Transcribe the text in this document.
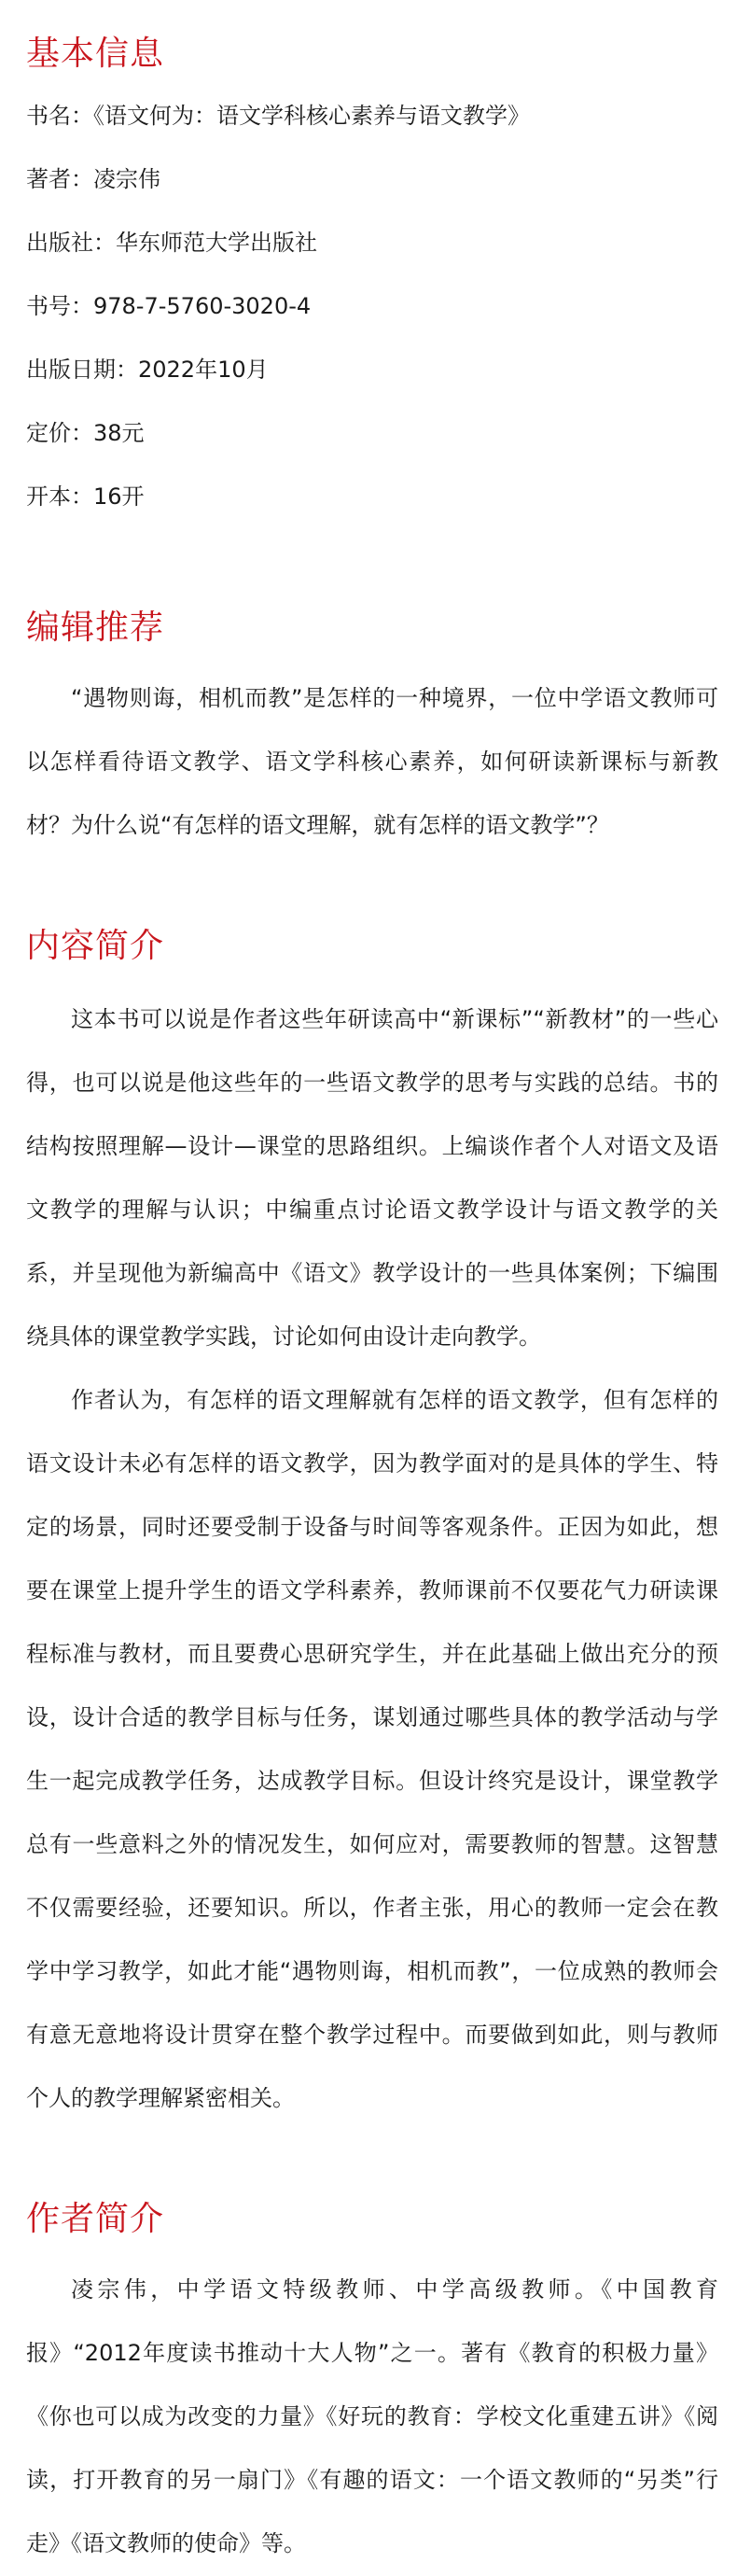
基本信息
书名：《语文何为：语文学科核心素养与语文教学》
著者：凌宗伟
出版社：华东师范大学出版社
书号：978-7-5760-3020-4
出版日期：2022年10月
定价：38元
开本：16开
编辑推荐

“遇物则诲，相机而教”是怎样的一种境界，一位中学语文教师可以怎样看待语文教学、语文学科核心素养，如何研读新课标与新教材？为什么说“有怎样的语文理解，就有怎样的语文教学”？

内容简介

这本书可以说是作者这些年研读高中“新课标”“新教材”的一些心得，也可以说是他这些年的一些语文教学的思考与实践的总结。书的结构按照理解—设计—课堂的思路组织。上编谈作者个人对语文及语文教学的理解与认识；中编重点讨论语文教学设计与语文教学的关系，并呈现他为新编高中《语文》教学设计的一些具体案例；下编围绕具体的课堂教学实践，讨论如何由设计走向教学。

作者认为，有怎样的语文理解就有怎样的语文教学，但有怎样的语文设计未必有怎样的语文教学，因为教学面对的是具体的学生、特定的场景，同时还要受制于设备与时间等客观条件。正因为如此，想要在课堂上提升学生的语文学科素养，教师课前不仅要花气力研读课程标准与教材，而且要费心思研究学生，并在此基础上做出充分的预设，设计合适的教学目标与任务，谋划通过哪些具体的教学活动与学生一起完成教学任务，达成教学目标。但设计终究是设计，课堂教学总有一些意料之外的情况发生，如何应对，需要教师的智慧。这智慧不仅需要经验，还要知识。所以，作者主张，用心的教师一定会在教学中学习教学，如此才能“遇物则诲，相机而教”，一位成熟的教师会有意无意地将设计贯穿在整个教学过程中。而要做到如此，则与教师个人的教学理解紧密相关。

作者简介

凌宗伟，中学语文特级教师、中学高级教师。《中国教育报》“2012年度读书推动十大人物”之一。著有《教育的积极力量》《你也可以成为改变的力量》《好玩的教育：学校文化重建五讲》《阅读，打开教育的另一扇门》《有趣的语文：一个语文教师的“另类”行走》《语文教师的使命》等。
